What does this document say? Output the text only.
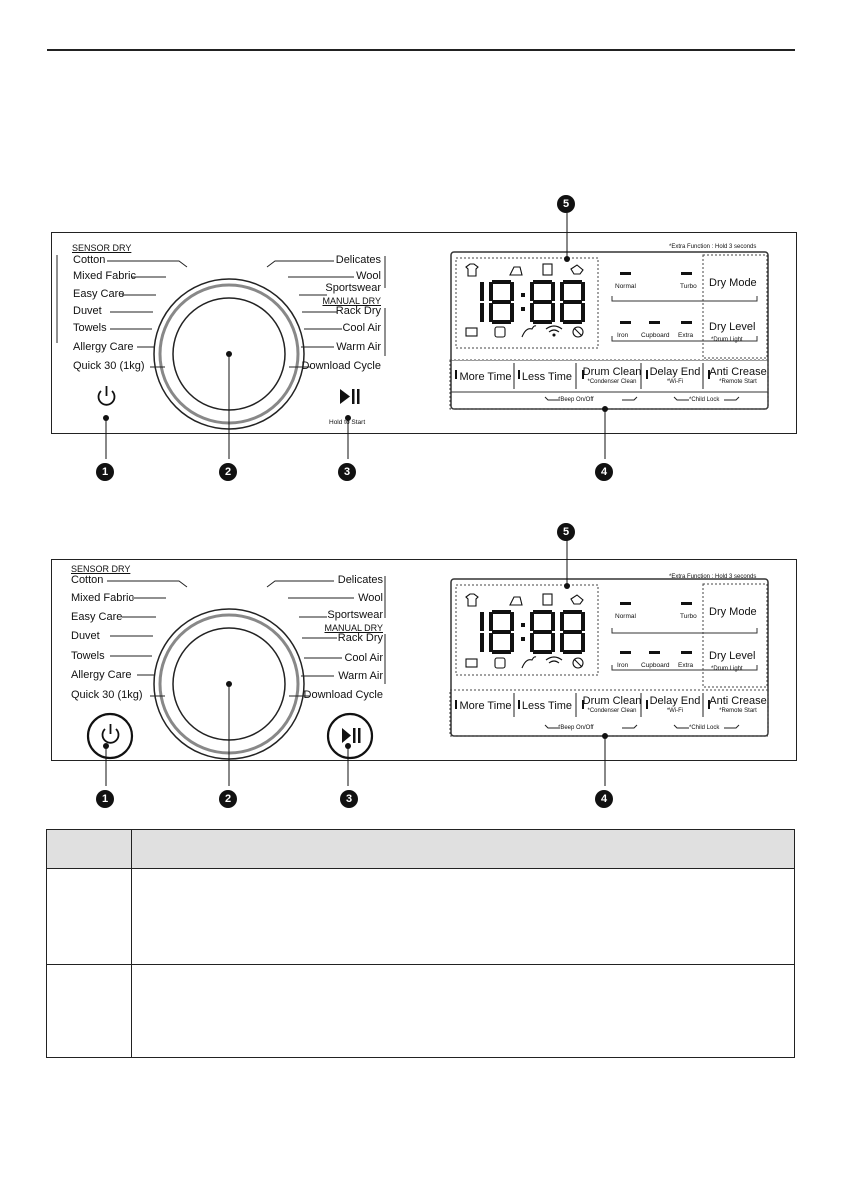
SENSOR DRY
Cotton
Mixed Fabric
Easy Care
Duvet
Towels
Allergy Care
Quick 30 (1kg)
Delicates
Wool
Sportswear
MANUAL DRY
Rack Dry
Cool Air
Warm Air
Download Cycle
Hold to Start
*Extra Function : Hold 3 seconds
Normal	Turbo
Iron Cupboard Extra
Dry Mode
Dry Level
*Drum Light
More Time Less Time Drum Clean
*Condenser Clean
Delay End
*Wi-Fi
Anti Crease
*Remote Start
*Beep On/Off	*Child Lock
SENSOR DRY
Cotton
Mixed Fabric
Easy Care
Duvet
Towels
Allergy Care
Quick 30 (1kg)
Delicates
Wool
Sportswear
MANUAL DRY
Rack Dry
Cool Air
Warm Air
Download Cycle
*Extra Function : Hold 3 seconds
Normal	Turbo
Iron Cupboard Extra
Dry Mode
Dry Level
*Drum Light
More Time Less Time Drum Clean
*Condenser Clean
Delay End
*Wi-Fi
Anti Crease
*Remote Start
*Beep On/Off	*Child Lock
1	2	3	4
5
1	2	3	4
5
